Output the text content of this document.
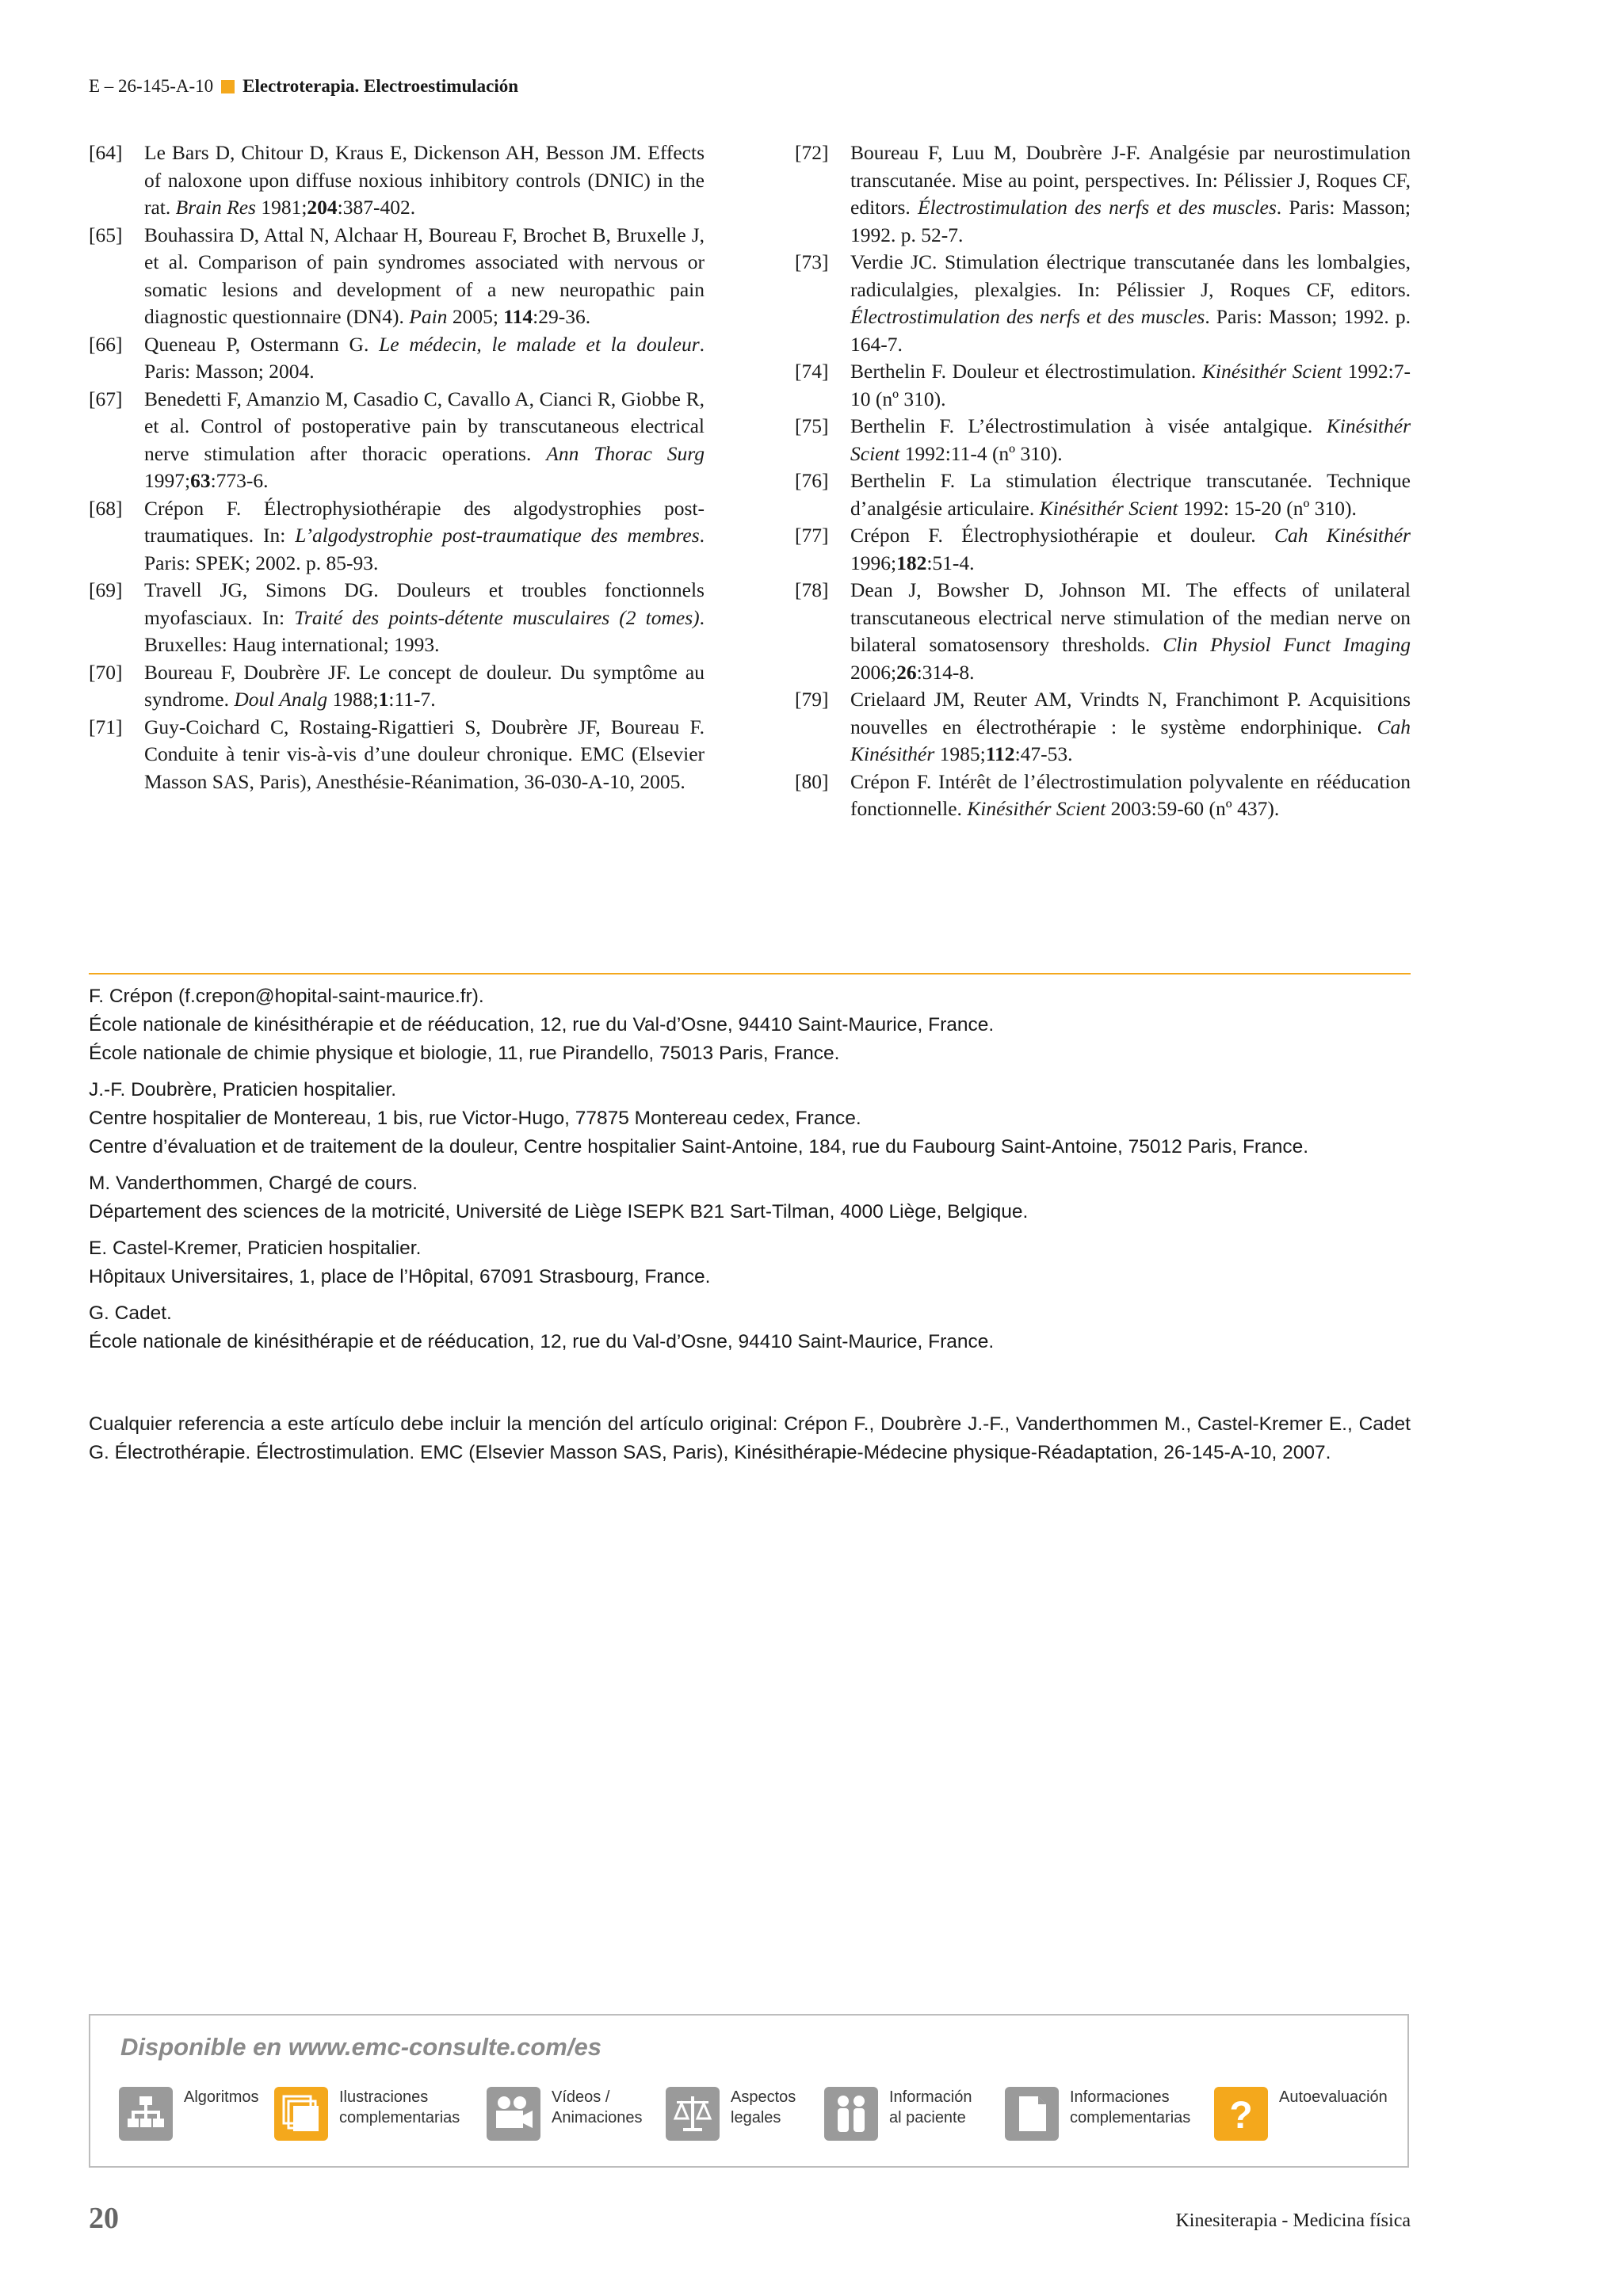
E – 26-145-A-10 Electroterapia. Electroestimulación
[64]	Le Bars D, Chitour D, Kraus E, Dickenson AH, Besson JM. Effects of naloxone upon diffuse noxious inhibitory controls (DNIC) in the rat. Brain Res 1981;204:387-402.
[65]	Bouhassira D, Attal N, Alchaar H, Boureau F, Brochet B, Bruxelle J, et al. Comparison of pain syndromes associated with nervous or somatic lesions and development of a new neuropathic pain diagnostic questionnaire (DN4). Pain 2005; 114:29-36.
[66]	Queneau P, Ostermann G. Le médecin, le malade et la douleur. Paris: Masson; 2004.
[67]	Benedetti F, Amanzio M, Casadio C, Cavallo A, Cianci R, Giobbe R, et al. Control of postoperative pain by transcutaneous electrical nerve stimulation after thoracic operations. Ann Thorac Surg 1997;63:773-6.
[68]	Crépon F. Électrophysiothérapie des algodystrophies post-traumatiques. In: L’algodystrophie post-traumatique des membres. Paris: SPEK; 2002. p. 85-93.
[69]	Travell JG, Simons DG. Douleurs et troubles fonctionnels myofasciaux. In: Traité des points-détente musculaires (2 tomes). Bruxelles: Haug international; 1993.
[70]	Boureau F, Doubrère JF. Le concept de douleur. Du symptôme au syndrome. Doul Analg 1988;1:11-7.
[71]	Guy-Coichard C, Rostaing-Rigattieri S, Doubrère JF, Boureau F. Conduite à tenir vis-à-vis d’une douleur chronique. EMC (Elsevier Masson SAS, Paris), Anesthésie-Réanimation, 36-030-A-10, 2005.
[72]	Boureau F, Luu M, Doubrère J-F. Analgésie par neurostimulation transcutanée. Mise au point, perspectives. In: Pélissier J, Roques CF, editors. Électrostimulation des nerfs et des muscles. Paris: Masson; 1992. p. 52-7.
[73]	Verdie JC. Stimulation électrique transcutanée dans les lombalgies, radiculalgies, plexalgies. In: Pélissier J, Roques CF, editors. Électrostimulation des nerfs et des muscles. Paris: Masson; 1992. p. 164-7.
[74]	Berthelin F. Douleur et électrostimulation. Kinésithér Scient 1992:7-10 (nº 310).
[75]	Berthelin F. L’électrostimulation à visée antalgique. Kinésithér Scient 1992:11-4 (nº 310).
[76]	Berthelin F. La stimulation électrique transcutanée. Technique d’analgésie articulaire. Kinésithér Scient 1992: 15-20 (nº 310).
[77]	Crépon F. Électrophysiothérapie et douleur. Cah Kinésithér 1996;182:51-4.
[78]	Dean J, Bowsher D, Johnson MI. The effects of unilateral transcutaneous electrical nerve stimulation of the median nerve on bilateral somatosensory thresholds. Clin Physiol Funct Imaging 2006;26:314-8.
[79]	Crielaard JM, Reuter AM, Vrindts N, Franchimont P. Acquisitions nouvelles en électrothérapie : le système endorphinique. Cah Kinésithér 1985;112:47-53.
[80]	Crépon F. Intérêt de l’électrostimulation polyvalente en rééducation fonctionnelle. Kinésithér Scient 2003:59-60 (nº 437).
F. Crépon (f.crepon@hopital-saint-maurice.fr).
École nationale de kinésithérapie et de rééducation, 12, rue du Val-d’Osne, 94410 Saint-Maurice, France.
École nationale de chimie physique et biologie, 11, rue Pirandello, 75013 Paris, France.
J.-F. Doubrère, Praticien hospitalier.
Centre hospitalier de Montereau, 1 bis, rue Victor-Hugo, 77875 Montereau cedex, France.
Centre d’évaluation et de traitement de la douleur, Centre hospitalier Saint-Antoine, 184, rue du Faubourg Saint-Antoine, 75012 Paris, France.
M. Vanderthommen, Chargé de cours.
Département des sciences de la motricité, Université de Liège ISEPK B21 Sart-Tilman, 4000 Liège, Belgique.
E. Castel-Kremer, Praticien hospitalier.
Hôpitaux Universitaires, 1, place de l’Hôpital, 67091 Strasbourg, France.
G. Cadet.
École nationale de kinésithérapie et de rééducation, 12, rue du Val-d’Osne, 94410 Saint-Maurice, France.
Cualquier referencia a este artículo debe incluir la mención del artículo original: Crépon F., Doubrère J.-F., Vanderthommen M., Castel-Kremer E., Cadet G. Électrothérapie. Électrostimulation. EMC (Elsevier Masson SAS, Paris), Kinésithérapie-Médecine physique-Réadaptation, 26-145-A-10, 2007.
Disponible en www.emc-consulte.com/es
Algoritmos	Ilustraciones
complementarias
Vídeos /
Animaciones
Aspectos
legales
Información
al paciente
Informaciones
complementarias ? Autoevaluación
20	Kinesiterapia - Medicina física
